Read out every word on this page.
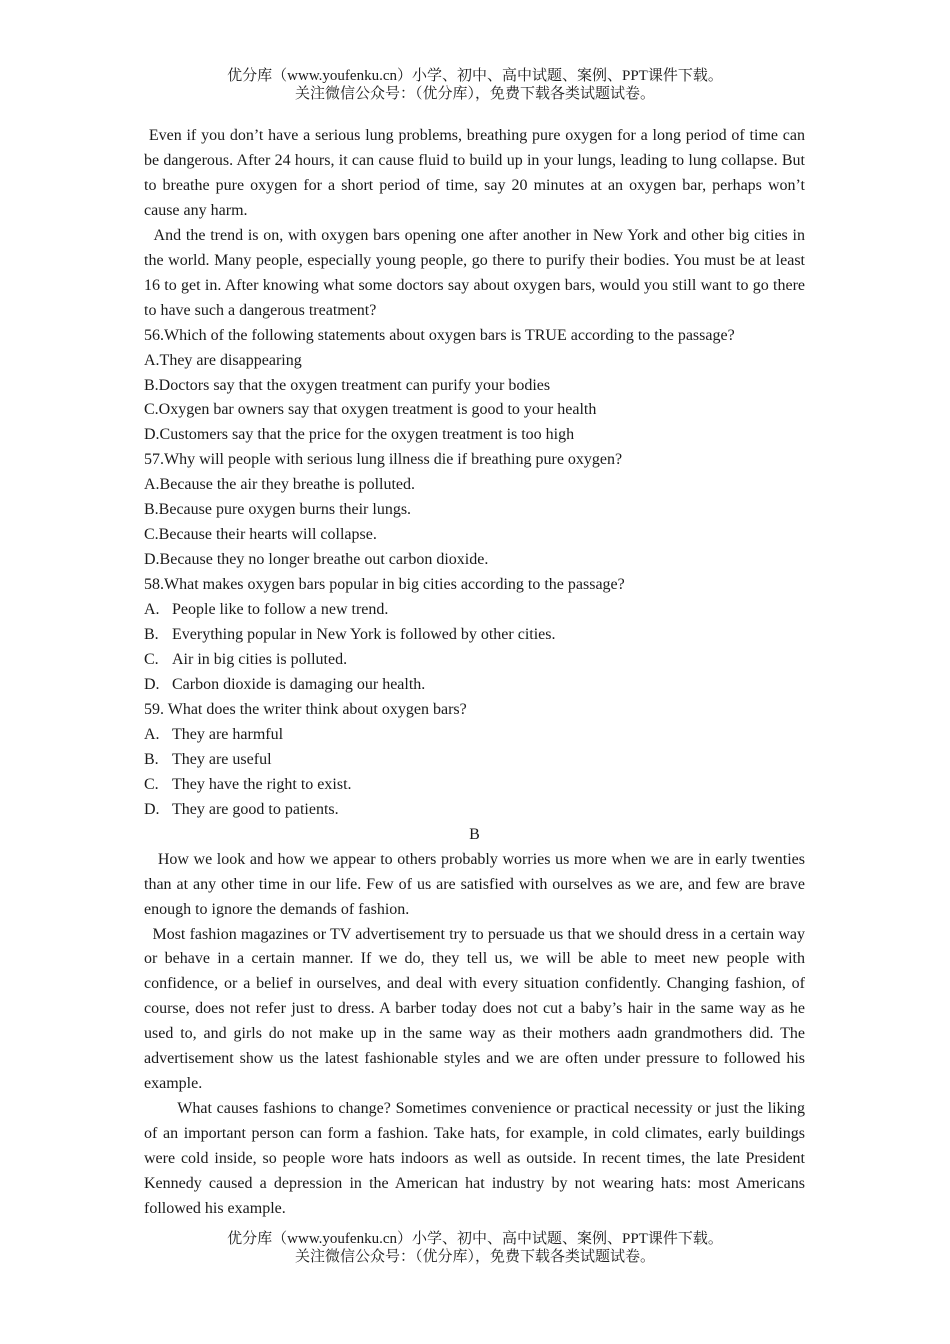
优分库（www.youfenku.cn）小学、初中、高中试题、案例、PPT课件下载。
关注微信公众号：（优分库），免费下载各类试题试卷。

Even if you don’t have a serious lung problems, breathing pure oxygen for a long period of time can be dangerous. After 24 hours, it can cause fluid to build up in your lungs, leading to lung collapse. But to breathe pure oxygen for a short period of time, say 20 minutes at an oxygen bar, perhaps won’t cause any harm.

And the trend is on, with oxygen bars opening one after another in New York and other big cities in the world. Many people, especially young people, go there to purify their bodies. You must be at least 16 to get in. After knowing what some doctors say about oxygen bars, would you still want to go there to have such a dangerous treatment?

56.Which of the following statements about oxygen bars is TRUE according to the passage?

A.They are disappearing

B.Doctors say that the oxygen treatment can purify your bodies

C.Oxygen bar owners say that oxygen treatment is good to your health

D.Customers say that the price for the oxygen treatment is too high

57.Why will people with serious lung illness die if breathing pure oxygen?

A.Because the air they breathe is polluted.

B.Because pure oxygen burns their lungs.

C.Because their hearts will collapse.

D.Because they no longer breathe out carbon dioxide.

58.What makes oxygen bars popular in big cities according to the passage?

A. People like to follow a new trend.

B. Everything popular in New York is followed by other cities.

C. Air in big cities is polluted.

D. Carbon dioxide is damaging our health.

59. What does the writer think about oxygen bars?

A. They are harmful

B. They are useful

C. They have the right to exist.

D. They are good to patients.

B

How we look and how we appear to others probably worries us more when we are in early twenties than at any other time in our life. Few of us are satisfied with ourselves as we are, and few are brave enough to ignore the demands of fashion.

Most fashion magazines or TV advertisement try to persuade us that we should dress in a certain way or behave in a certain manner. If we do, they tell us, we will be able to meet new people with confidence, or a belief in ourselves, and deal with every situation confidently. Changing fashion, of course, does not refer just to dress. A barber today does not cut a baby’s hair in the same way as he used to, and girls do not make up in the same way as their mothers aadn grandmothers did. The advertisement show us the latest fashionable styles and we are often under pressure to followed his example.

What causes fashions to change? Sometimes convenience or practical necessity or just the liking of an important person can form a fashion. Take hats, for example, in cold climates, early buildings were cold inside, so people wore hats indoors as well as outside. In recent times, the late President Kennedy caused a depression in the American hat industry by not wearing hats: most Americans followed his example.

优分库（www.youfenku.cn）小学、初中、高中试题、案例、PPT课件下载。
关注微信公众号：（优分库），免费下载各类试题试卷。
